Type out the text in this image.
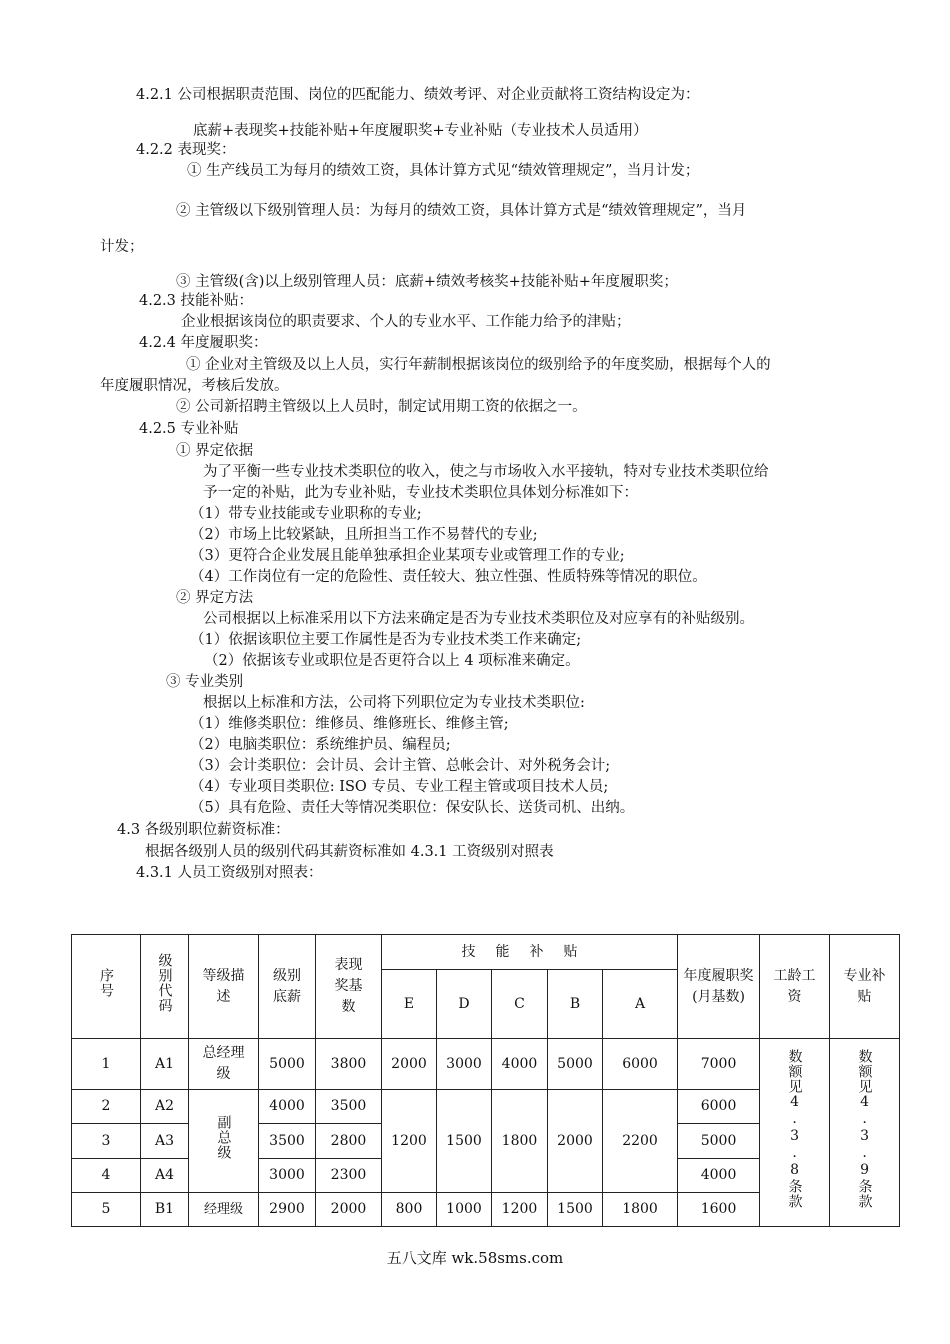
4.2.1 公司根据职责范围、岗位的匹配能力、绩效考评、对企业贡献将工资结构设定为：
底薪+表现奖+技能补贴+年度履职奖+专业补贴（专业技术人员适用）
4.2.2 表现奖：
① 生产线员工为每月的绩效工资，具体计算方式见“绩效管理规定”，当月计发；
② 主管级以下级别管理人员：为每月的绩效工资，具体计算方式是“绩效管理规定”，当月
计发；
③ 主管级(含)以上级别管理人员：底薪+绩效考核奖+技能补贴+年度履职奖；
4.2.3 技能补贴：
企业根据该岗位的职责要求、个人的专业水平、工作能力给予的津贴；
4.2.4 年度履职奖：
① 企业对主管级及以上人员，实行年薪制根据该岗位的级别给予的年度奖励，根据每个人的
年度履职情况，考核后发放。
② 公司新招聘主管级以上人员时，制定试用期工资的依据之一。
4.2.5 专业补贴
① 界定依据
为了平衡一些专业技术类职位的收入，使之与市场收入水平接轨，特对专业技术类职位给
予一定的补贴，此为专业补贴，专业技术类职位具体划分标准如下：
（1）带专业技能或专业职称的专业;
（2）市场上比较紧缺，且所担当工作不易替代的专业;
（3）更符合企业发展且能单独承担企业某项专业或管理工作的专业;
（4）工作岗位有一定的危险性、责任较大、独立性强、性质特殊等情况的职位。
② 界定方法
公司根据以上标准采用以下方法来确定是否为专业技术类职位及对应享有的补贴级别。
（1）依据该职位主要工作属性是否为专业技术类工作来确定;
（2）依据该专业或职位是否更符合以上 4 项标准来确定。
③ 专业类别
根据以上标准和方法，公司将下列职位定为专业技术类职位:
（1）维修类职位：维修员、维修班长、维修主管;
（2）电脑类职位：系统维护员、编程员;
（3）会计类职位：会计员、会计主管、总帐会计、对外税务会计;
（4）专业项目类职位: ISO 专员、专业工程主管或项目技术人员;
（5）具有危险、责任大等情况类职位：保安队长、送货司机、出纳。
4.3 各级别职位薪资标准：
根据各级别人员的级别代码其薪资标准如 4.3.1 工资级别对照表
4.3.1 人员工资级别对照表：
序号	级别代码	等级描述	级别底薪	表现奖基数	技能补贴					年度履职奖(月基数)	工龄工资	专业补贴

					E	D	C	B	A			
1	A1	总经理级	5000	3800	2000	3000	4000	5000	6000	7000	数额见4.3.8条款	数额见4.3.9条款
2	A2	副总级	4000	3500	1200	1500	1800	2000	2200	6000		
3	A3		3500	2800						5000		
4	A4		3000	2300						4000		
5	B1	经理级	2900	2000	800	1000	1200	1500	1800	1600		
五八文库 wk.58sms.com
